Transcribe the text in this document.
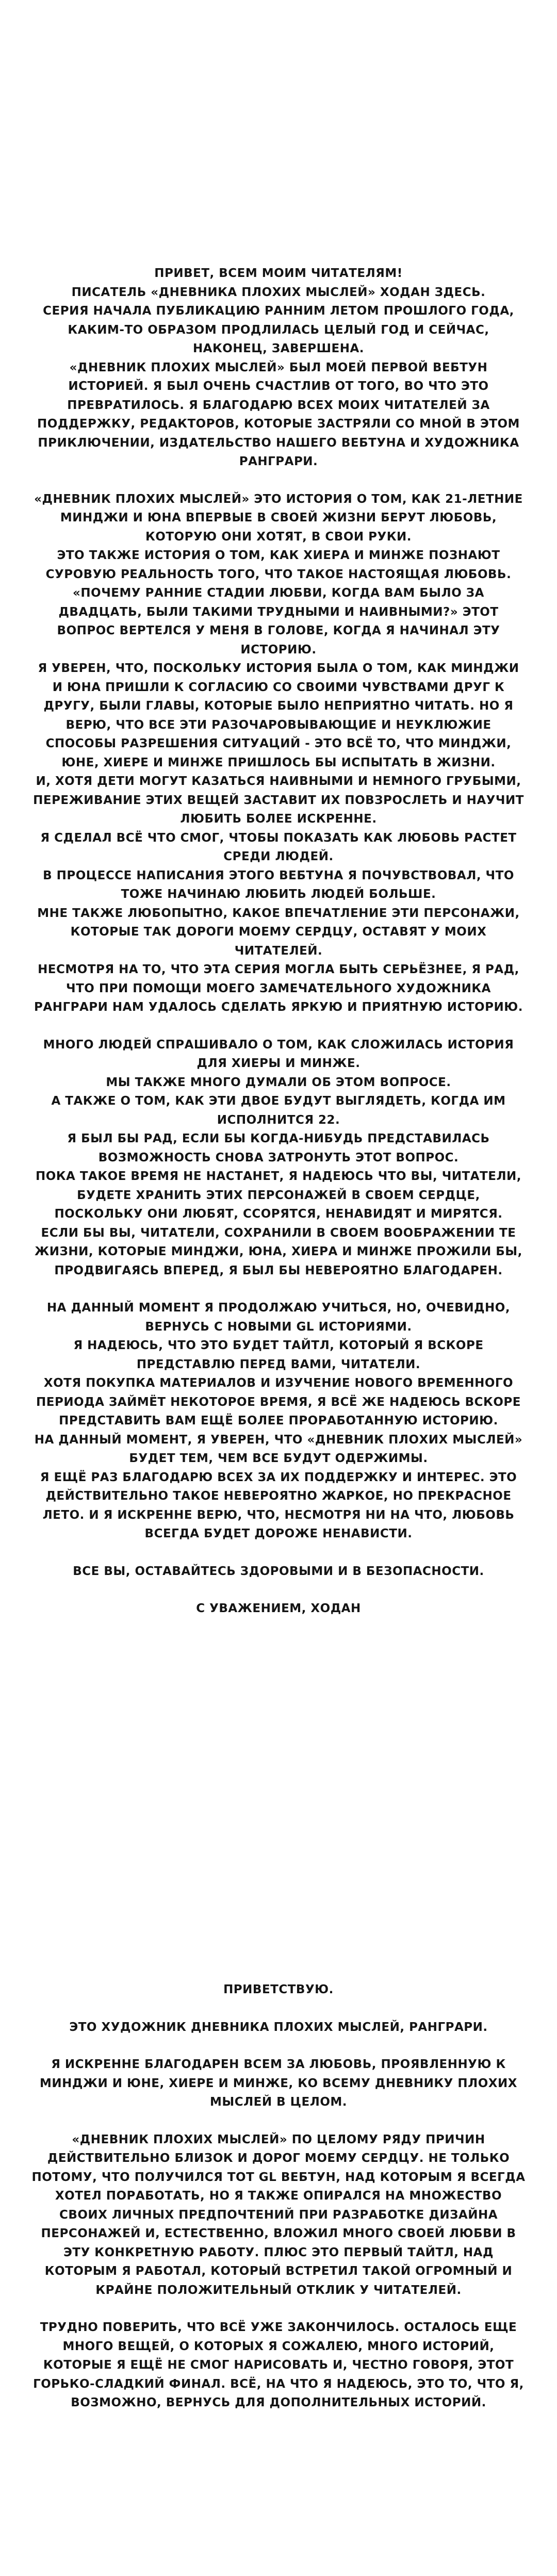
ПРИВЕТ, ВСЕМ МОИМ ЧИТАТЕЛЯМ!
ПИСАТЕЛЬ «ДНЕВНИКА ПЛОХИХ МЫСЛЕЙ» ХОДАН ЗДЕСЬ.
СЕРИЯ НАЧАЛА ПУБЛИКАЦИЮ РАННИМ ЛЕТОМ ПРОШЛОГО ГОДА, КАКИМ-ТО ОБРАЗОМ ПРОДЛИЛАСЬ ЦЕЛЫЙ ГОД И СЕЙЧАС, НАКОНЕЦ, ЗАВЕРШЕНА.
«ДНЕВНИК ПЛОХИХ МЫСЛЕЙ» БЫЛ МОЕЙ ПЕРВОЙ ВЕБТУН ИСТОРИЕЙ. Я БЫЛ ОЧЕНЬ СЧАСТЛИВ ОТ ТОГО, ВО ЧТО ЭТО ПРЕВРАТИЛОСЬ. Я БЛАГОДАРЮ ВСЕХ МОИХ ЧИТАТЕЛЕЙ ЗА ПОДДЕРЖКУ, РЕДАКТОРОВ, КОТОРЫЕ ЗАСТРЯЛИ СО МНОЙ В ЭТОМ ПРИКЛЮЧЕНИИ, ИЗДАТЕЛЬСТВО НАШЕГО ВЕБТУНА И ХУДОЖНИКА РАНГРАРИ.

«ДНЕВНИК ПЛОХИХ МЫСЛЕЙ» ЭТО ИСТОРИЯ О ТОМ, КАК 21-ЛЕТНИЕ МИНДЖИ И ЮНА ВПЕРВЫЕ В СВОЕЙ ЖИЗНИ БЕРУТ ЛЮБОВЬ, КОТОРУЮ ОНИ ХОТЯТ, В СВОИ РУКИ.
ЭТО ТАКЖЕ ИСТОРИЯ О ТОМ, КАК ХИЕРА И МИНЖЕ ПОЗНАЮТ СУРОВУЮ РЕАЛЬНОСТЬ ТОГО, ЧТО ТАКОЕ НАСТОЯЩАЯ ЛЮБОВЬ.
«ПОЧЕМУ РАННИЕ СТАДИИ ЛЮБВИ, КОГДА ВАМ БЫЛО ЗА ДВАДЦАТЬ, БЫЛИ ТАКИМИ ТРУДНЫМИ И НАИВНЫМИ?» ЭТОТ ВОПРОС ВЕРТЕЛСЯ У МЕНЯ В ГОЛОВЕ, КОГДА Я НАЧИНАЛ ЭТУ ИСТОРИЮ.
Я УВЕРЕН, ЧТО, ПОСКОЛЬКУ ИСТОРИЯ БЫЛА О ТОМ, КАК МИНДЖИ И ЮНА ПРИШЛИ К СОГЛАСИЮ СО СВОИМИ ЧУВСТВАМИ ДРУГ К ДРУГУ, БЫЛИ ГЛАВЫ, КОТОРЫЕ БЫЛО НЕПРИЯТНО ЧИТАТЬ. НО Я ВЕРЮ, ЧТО ВСЕ ЭТИ РАЗОЧАРОВЫВАЮЩИЕ И НЕУКЛЮЖИЕ СПОСОБЫ РАЗРЕШЕНИЯ СИТУАЦИЙ - ЭТО ВСЁ ТО, ЧТО МИНДЖИ, ЮНЕ, ХИЕРЕ И МИНЖЕ ПРИШЛОСЬ БЫ ИСПЫТАТЬ В ЖИЗНИ.
И, ХОТЯ ДЕТИ МОГУТ КАЗАТЬСЯ НАИВНЫМИ И НЕМНОГО ГРУБЫМИ, ПЕРЕЖИВАНИЕ ЭТИХ ВЕЩЕЙ ЗАСТАВИТ ИХ ПОВЗРОСЛЕТЬ И НАУЧИТ ЛЮБИТЬ БОЛЕЕ ИСКРЕННЕ.
Я СДЕЛАЛ ВСЁ ЧТО СМОГ, ЧТОБЫ ПОКАЗАТЬ КАК ЛЮБОВЬ РАСТЕТ СРЕДИ ЛЮДЕЙ.
В ПРОЦЕССЕ НАПИСАНИЯ ЭТОГО ВЕБТУНА Я ПОЧУВСТВОВАЛ, ЧТО ТОЖЕ НАЧИНАЮ ЛЮБИТЬ ЛЮДЕЙ БОЛЬШЕ.
МНЕ ТАКЖЕ ЛЮБОПЫТНО, КАКОЕ ВПЕЧАТЛЕНИЕ ЭТИ ПЕРСОНАЖИ, КОТОРЫЕ ТАК ДОРОГИ МОЕМУ СЕРДЦУ, ОСТАВЯТ У МОИХ ЧИТАТЕЛЕЙ.
НЕСМОТРЯ НА ТО, ЧТО ЭТА СЕРИЯ МОГЛА БЫТЬ СЕРЬЁЗНЕЕ, Я РАД, ЧТО ПРИ ПОМОЩИ МОЕГО ЗАМЕЧАТЕЛЬНОГО ХУДОЖНИКА РАНГРАРИ НАМ УДАЛОСЬ СДЕЛАТЬ ЯРКУЮ И ПРИЯТНУЮ ИСТОРИЮ.

МНОГО ЛЮДЕЙ СПРАШИВАЛО О ТОМ, КАК СЛОЖИЛАСЬ ИСТОРИЯ ДЛЯ ХИЕРЫ И МИНЖЕ.
МЫ ТАКЖЕ МНОГО ДУМАЛИ ОБ ЭТОМ ВОПРОСЕ.
А ТАКЖЕ О ТОМ, КАК ЭТИ ДВОЕ БУДУТ ВЫГЛЯДЕТЬ, КОГДА ИМ ИСПОЛНИТСЯ 22.
Я БЫЛ БЫ РАД, ЕСЛИ БЫ КОГДА-НИБУДЬ ПРЕДСТАВИЛАСЬ ВОЗМОЖНОСТЬ СНОВА ЗАТРОНУТЬ ЭТОТ ВОПРОС.
ПОКА ТАКОЕ ВРЕМЯ НЕ НАСТАНЕТ, Я НАДЕЮСЬ ЧТО ВЫ, ЧИТАТЕЛИ, БУДЕТЕ ХРАНИТЬ ЭТИХ ПЕРСОНАЖЕЙ В СВОЕМ СЕРДЦЕ, ПОСКОЛЬКУ ОНИ ЛЮБЯТ, ССОРЯТСЯ, НЕНАВИДЯТ И МИРЯТСЯ.
ЕСЛИ БЫ ВЫ, ЧИТАТЕЛИ, СОХРАНИЛИ В СВОЕМ ВООБРАЖЕНИИ ТЕ ЖИЗНИ, КОТОРЫЕ МИНДЖИ, ЮНА, ХИЕРА И МИНЖЕ ПРОЖИЛИ БЫ, ПРОДВИГАЯСЬ ВПЕРЕД, Я БЫЛ БЫ НЕВЕРОЯТНО БЛАГОДАРЕН.

НА ДАННЫЙ МОМЕНТ Я ПРОДОЛЖАЮ УЧИТЬСЯ, НО, ОЧЕВИДНО, ВЕРНУСЬ С НОВЫМИ GL ИСТОРИЯМИ.
Я НАДЕЮСЬ, ЧТО ЭТО БУДЕТ ТАЙТЛ, КОТОРЫЙ Я ВСКОРЕ ПРЕДСТАВЛЮ ПЕРЕД ВАМИ, ЧИТАТЕЛИ.
ХОТЯ ПОКУПКА МАТЕРИАЛОВ И ИЗУЧЕНИЕ НОВОГО ВРЕМЕННОГО ПЕРИОДА ЗАЙМЁТ НЕКОТОРОЕ ВРЕМЯ, Я ВСЁ ЖЕ НАДЕЮСЬ ВСКОРЕ ПРЕДСТАВИТЬ ВАМ ЕЩЁ БОЛЕЕ ПРОРАБОТАННУЮ ИСТОРИЮ.
НА ДАННЫЙ МОМЕНТ, Я УВЕРЕН, ЧТО «ДНЕВНИК ПЛОХИХ МЫСЛЕЙ» БУДЕТ ТЕМ, ЧЕМ ВСЕ БУДУТ ОДЕРЖИМЫ.
Я ЕЩЁ РАЗ БЛАГОДАРЮ ВСЕХ ЗА ИХ ПОДДЕРЖКУ И ИНТЕРЕС. ЭТО ДЕЙСТВИТЕЛЬНО ТАКОЕ НЕВЕРОЯТНО ЖАРКОЕ, НО ПРЕКРАСНОЕ ЛЕТО. И Я ИСКРЕННЕ ВЕРЮ, ЧТО, НЕСМОТРЯ НИ НА ЧТО, ЛЮБОВЬ ВСЕГДА БУДЕТ ДОРОЖЕ НЕНАВИСТИ.

ВСЕ ВЫ, ОСТАВАЙТЕСЬ ЗДОРОВЫМИ И В БЕЗОПАСНОСТИ.

С УВАЖЕНИЕМ, ХОДАН

ПРИВЕТСТВУЮ.

ЭТО ХУДОЖНИК ДНЕВНИКА ПЛОХИХ МЫСЛЕЙ, РАНГРАРИ.

Я ИСКРЕННЕ БЛАГОДАРЕН ВСЕМ ЗА ЛЮБОВЬ, ПРОЯВЛЕННУЮ К МИНДЖИ И ЮНЕ, ХИЕРЕ И МИНЖЕ, КО ВСЕМУ ДНЕВНИКУ ПЛОХИХ МЫСЛЕЙ В ЦЕЛОМ.

«ДНЕВНИК ПЛОХИХ МЫСЛЕЙ» ПО ЦЕЛОМУ РЯДУ ПРИЧИН ДЕЙСТВИТЕЛЬНО БЛИЗОК И ДОРОГ МОЕМУ СЕРДЦУ. НЕ ТОЛЬКО ПОТОМУ, ЧТО ПОЛУЧИЛСЯ ТОТ GL ВЕБТУН, НАД КОТОРЫМ Я ВСЕГДА ХОТЕЛ ПОРАБОТАТЬ, НО Я ТАКЖЕ ОПИРАЛСЯ НА МНОЖЕСТВО СВОИХ ЛИЧНЫХ ПРЕДПОЧТЕНИЙ ПРИ РАЗРАБОТКЕ ДИЗАЙНА ПЕРСОНАЖЕЙ И, ЕСТЕСТВЕННО, ВЛОЖИЛ МНОГО СВОЕЙ ЛЮБВИ В ЭТУ КОНКРЕТНУЮ РАБОТУ. ПЛЮС ЭТО ПЕРВЫЙ ТАЙТЛ, НАД КОТОРЫМ Я РАБОТАЛ, КОТОРЫЙ ВСТРЕТИЛ ТАКОЙ ОГРОМНЫЙ И КРАЙНЕ ПОЛОЖИТЕЛЬНЫЙ ОТКЛИК У ЧИТАТЕЛЕЙ.

ТРУДНО ПОВЕРИТЬ, ЧТО ВСЁ УЖЕ ЗАКОНЧИЛОСЬ. ОСТАЛОСЬ ЕЩЕ МНОГО ВЕЩЕЙ, О КОТОРЫХ Я СОЖАЛЕЮ, МНОГО ИСТОРИЙ, КОТОРЫЕ Я ЕЩЁ НЕ СМОГ НАРИСОВАТЬ И, ЧЕСТНО ГОВОРЯ, ЭТОТ ГОРЬКО-СЛАДКИЙ ФИНАЛ. ВСЁ, НА ЧТО Я НАДЕЮСЬ, ЭТО ТО, ЧТО Я, ВОЗМОЖНО, ВЕРНУСЬ ДЛЯ ДОПОЛНИТЕЛЬНЫХ ИСТОРИЙ.
